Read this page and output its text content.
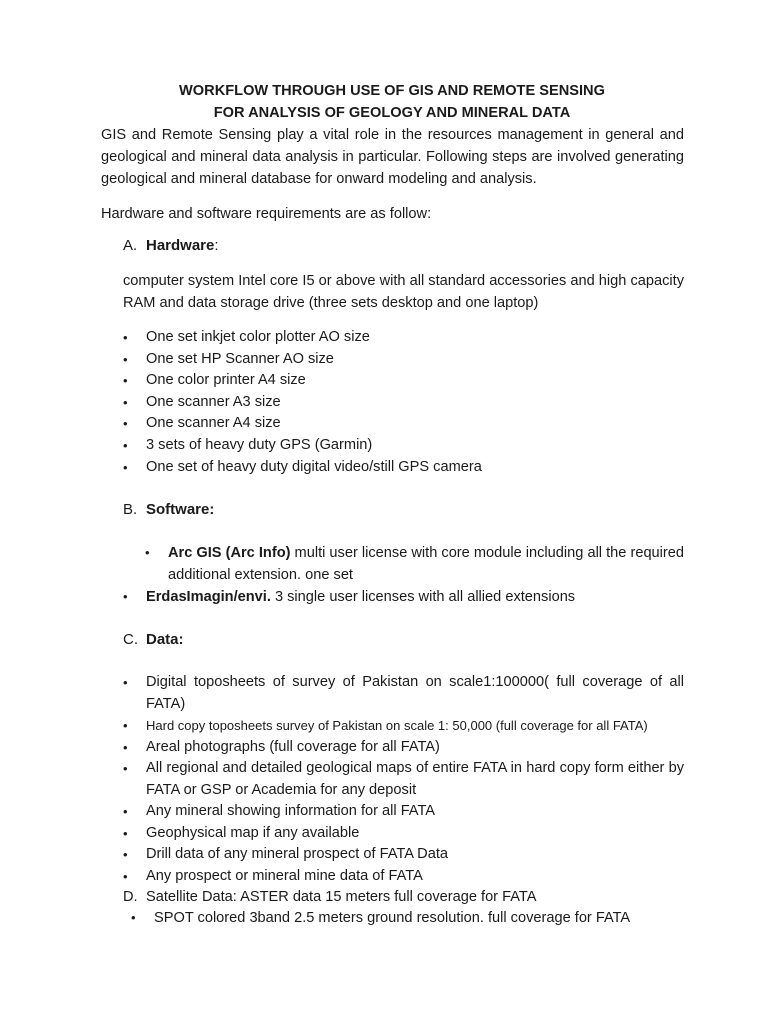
WORKFLOW THROUGH USE OF GIS AND REMOTE SENSING
FOR ANALYSIS OF GEOLOGY AND MINERAL DATA
GIS and Remote Sensing play a vital role in the resources management in general and geological and mineral data analysis in particular. Following steps are involved generating geological and mineral database for onward modeling and analysis.
Hardware and software requirements are as follow:
A. Hardware:
computer system Intel core I5 or above with all standard accessories and high capacity RAM and data storage drive (three sets desktop and one laptop)
•	One set inkjet color plotter AO size
•	One set HP Scanner AO size
•	One color printer A4 size
•	One scanner A3 size
•	One scanner A4 size
•	3 sets of heavy duty GPS (Garmin)
•	One set of heavy duty digital video/still GPS camera
B. Software:
•	Arc GIS (Arc Info) multi user license with core module including all the required additional extension. one set
•	ErdasImagin/envi. 3 single user licenses with all allied extensions
C. Data:
•	Digital toposheets of survey of Pakistan on scale1:100000( full coverage of all FATA)
•	Hard copy toposheets survey of Pakistan on scale 1: 50,000 (full coverage for all FATA)
•	Areal photographs (full coverage for all FATA)
•	All regional and detailed geological maps of entire FATA in hard copy form either by FATA or GSP or Academia for any deposit
•	Any mineral showing information for all FATA
•	Geophysical map if any available
•	Drill data of any mineral prospect of FATA Data
•	Any prospect or mineral mine data of FATA
D. Satellite Data: ASTER data 15 meters full coverage for FATA
•	SPOT colored 3band 2.5 meters ground resolution. full coverage for FATA
